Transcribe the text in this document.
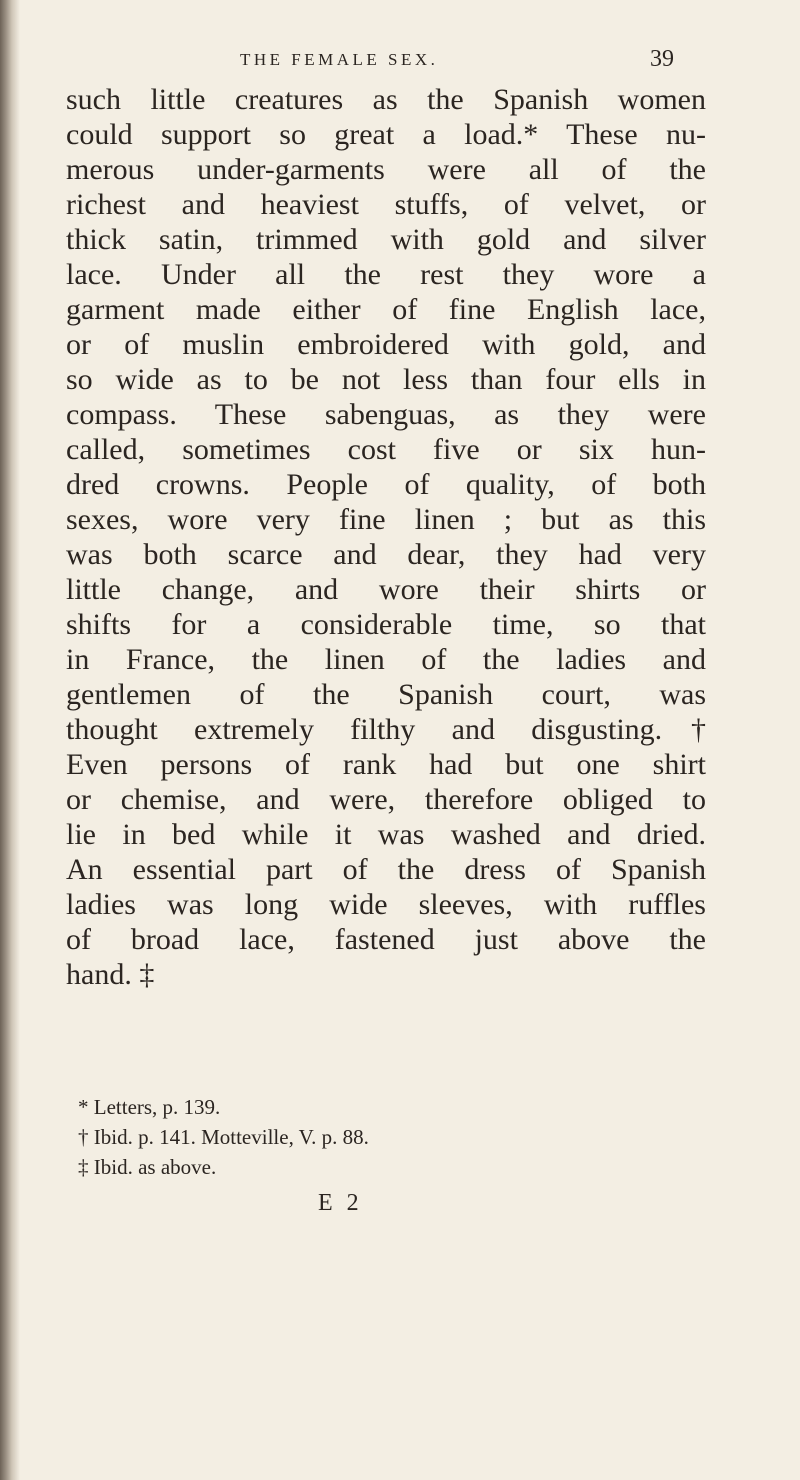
THE FEMALE SEX.	39
such little creatures as the Spanish women
could support so great a load.* These nu-
merous under-garments were all of the
richest and heaviest stuffs, of velvet, or
thick satin, trimmed with gold and silver
lace. Under all the rest they wore a
garment made either of fine English lace,
or of muslin embroidered with gold, and
so wide as to be not less than four ells in
compass. These sabenguas, as they were
called, sometimes cost five or six hun-
dred crowns. People of quality, of both
sexes, wore very fine linen ; but as this
was both scarce and dear, they had very
little change, and wore their shirts or
shifts for a considerable time, so that
in France, the linen of the ladies and
gentlemen of the Spanish court, was
thought extremely filthy and disgusting.†
Even persons of rank had but one shirt
or chemise, and were, therefore obliged to
lie in bed while it was washed and dried.
An essential part of the dress of Spanish
ladies was long wide sleeves, with ruffles
of broad lace, fastened just above the
hand. ‡
* Letters, p. 139.
† Ibid. p. 141. Motteville, V. p. 88.
‡ Ibid. as above.
E 2
